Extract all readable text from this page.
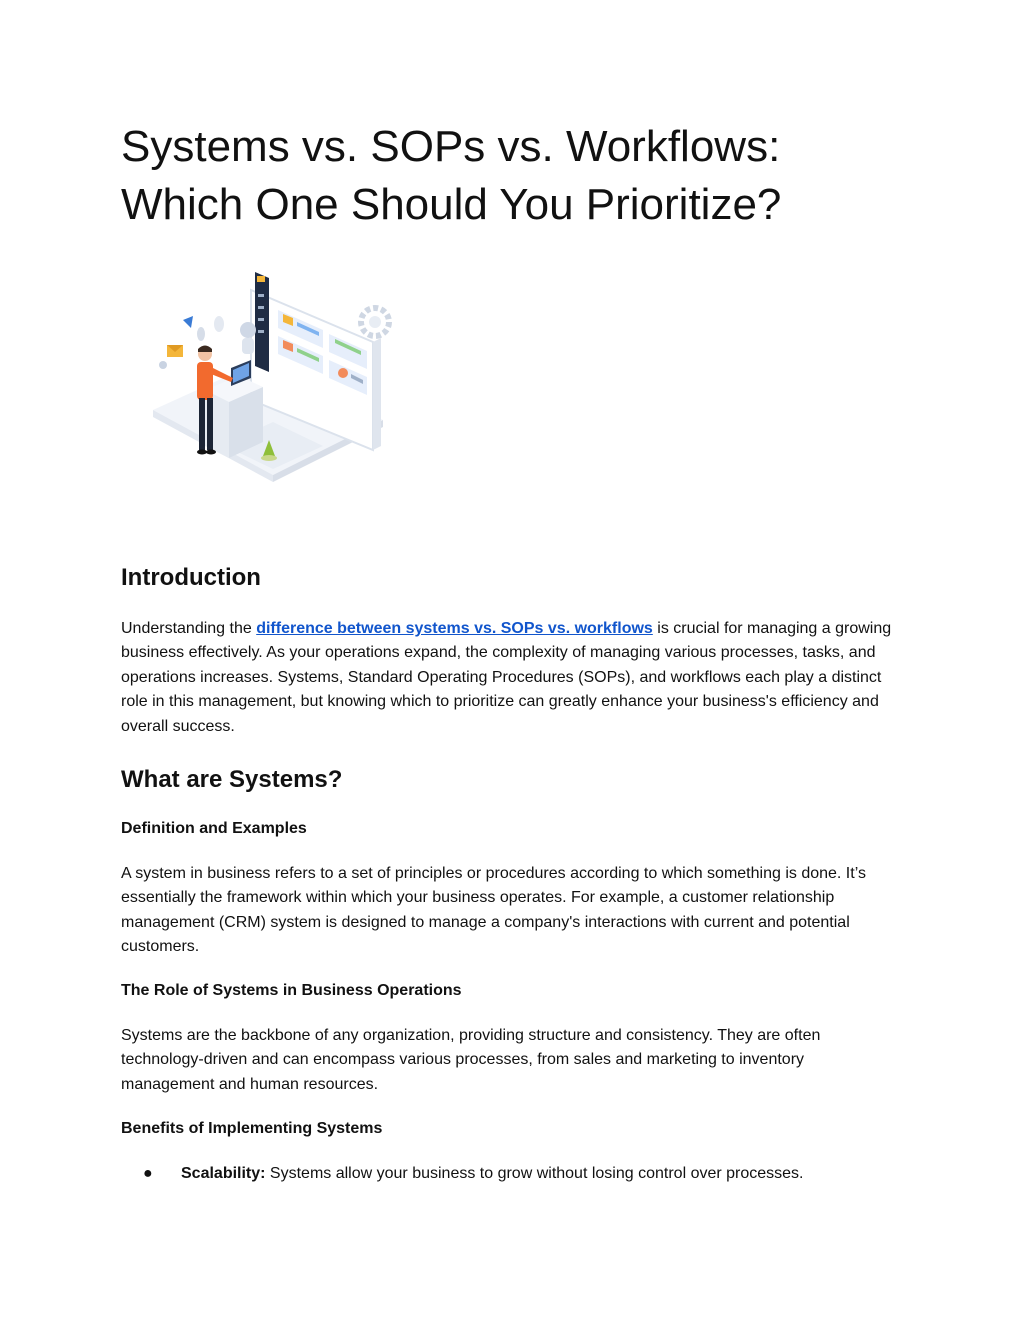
Systems vs. SOPs vs. Workflows:
Which One Should You Prioritize?
Introduction

Understanding the difference between systems vs. SOPs vs. workflows is crucial for managing a growing business effectively. As your operations expand, the complexity of managing various processes, tasks, and operations increases. Systems, Standard Operating Procedures (SOPs), and workflows each play a distinct role in this management, but knowing which to prioritize can greatly enhance your business's efficiency and overall success.

What are Systems?
Definition and Examples

A system in business refers to a set of principles or procedures according to which something is done. It’s essentially the framework within which your business operates. For example, a customer relationship management (CRM) system is designed to manage a company's interactions with current and potential customers.

The Role of Systems in Business Operations

Systems are the backbone of any organization, providing structure and consistency. They are often technology-driven and can encompass various processes, from sales and marketing to inventory management and human resources.

Benefits of Implementing Systems
● Scalability: Systems allow your business to grow without losing control over processes.
